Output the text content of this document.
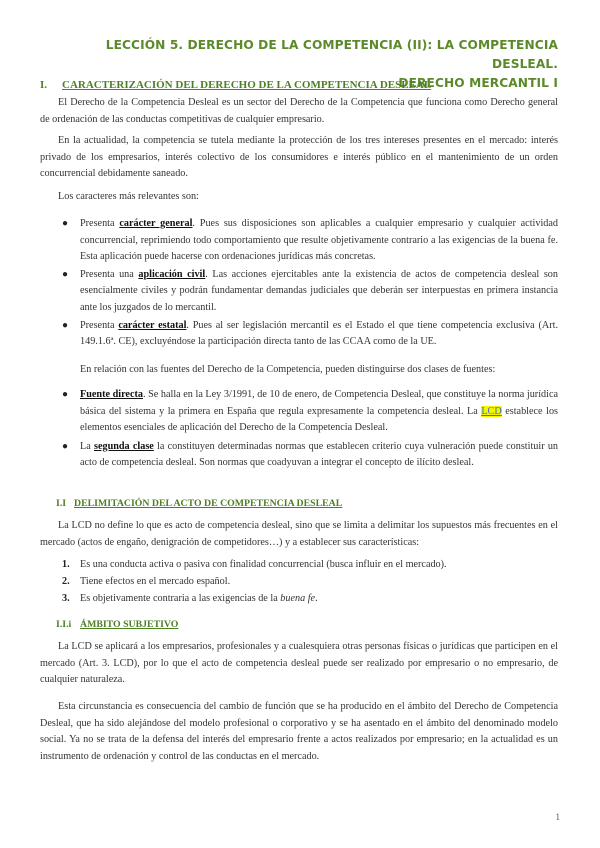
LECCIÓN 5. DERECHO DE LA COMPETENCIA (II): LA COMPETENCIA DESLEAL.
DERECHO MERCANTIL I
I. CARACTERIZACIÓN DEL DERECHO DE LA COMPETENCIA DESLEAL
El Derecho de la Competencia Desleal es un sector del Derecho de la Competencia que funciona como Derecho general de ordenación de las conductas competitivas de cualquier empresario.
En la actualidad, la competencia se tutela mediante la protección de los tres intereses presentes en el mercado: interés privado de los empresarios, interés colectivo de los consumidores e interés público en el mantenimiento de un orden concurrencial debidamente saneado.
Los caracteres más relevantes son:
● Presenta carácter general. Pues sus disposiciones son aplicables a cualquier empresario y cualquier actividad concurrencial, reprimiendo todo comportamiento que resulte objetivamente contrario a las exigencias de la buena fe. Esta aplicación puede hacerse con ordenaciones jurídicas más concretas.
● Presenta una aplicación civil. Las acciones ejercitables ante la existencia de actos de competencia desleal son esencialmente civiles y podrán fundamentar demandas judiciales que deberán ser interpuestas en primera instancia ante los juzgados de lo mercantil.
● Presenta carácter estatal. Pues al ser legislación mercantil es el Estado el que tiene competencia exclusiva (Art. 149.1.6ª. CE), excluyéndose la participación directa tanto de las CCAA como de la UE.
En relación con las fuentes del Derecho de la Competencia, pueden distinguirse dos clases de fuentes:
● Fuente directa. Se halla en la Ley 3/1991, de 10 de enero, de Competencia Desleal, que constituye la norma jurídica básica del sistema y la primera en España que regula expresamente la competencia desleal. La LCD establece los elementos esenciales de aplicación del Derecho de la Competencia Desleal.
● La segunda clase la constituyen determinadas normas que establecen criterio cuya vulneración puede constituir un acto de competencia desleal. Son normas que coadyuvan a integrar el concepto de ilícito desleal.
I.I DELIMITACIÓN DEL ACTO DE COMPETENCIA DESLEAL
La LCD no define lo que es acto de competencia desleal, sino que se limita a delimitar los supuestos más frecuentes en el mercado (actos de engaño, denigración de competidores…) y a establecer sus características:
1. Es una conducta activa o pasiva con finalidad concurrencial (busca influir en el mercado).
2. Tiene efectos en el mercado español.
3. Es objetivamente contraria a las exigencias de la buena fe.
I.I.i ÁMBITO SUBJETIVO
La LCD se aplicará a los empresarios, profesionales y a cualesquiera otras personas físicas o jurídicas que participen en el mercado (Art. 3. LCD), por lo que el acto de competencia desleal puede ser realizado por empresario o no empresario, de cualquier naturaleza.
Esta circunstancia es consecuencia del cambio de función que se ha producido en el ámbito del Derecho de Competencia Desleal, que ha sido alejándose del modelo profesional o corporativo y se ha asentado en el ámbito del denominado modelo social. Ya no se trata de la defensa del interés del empresario frente a actos realizados por empresario; en la actualidad es un instrumento de ordenación y control de las conductas en el mercado.
1
